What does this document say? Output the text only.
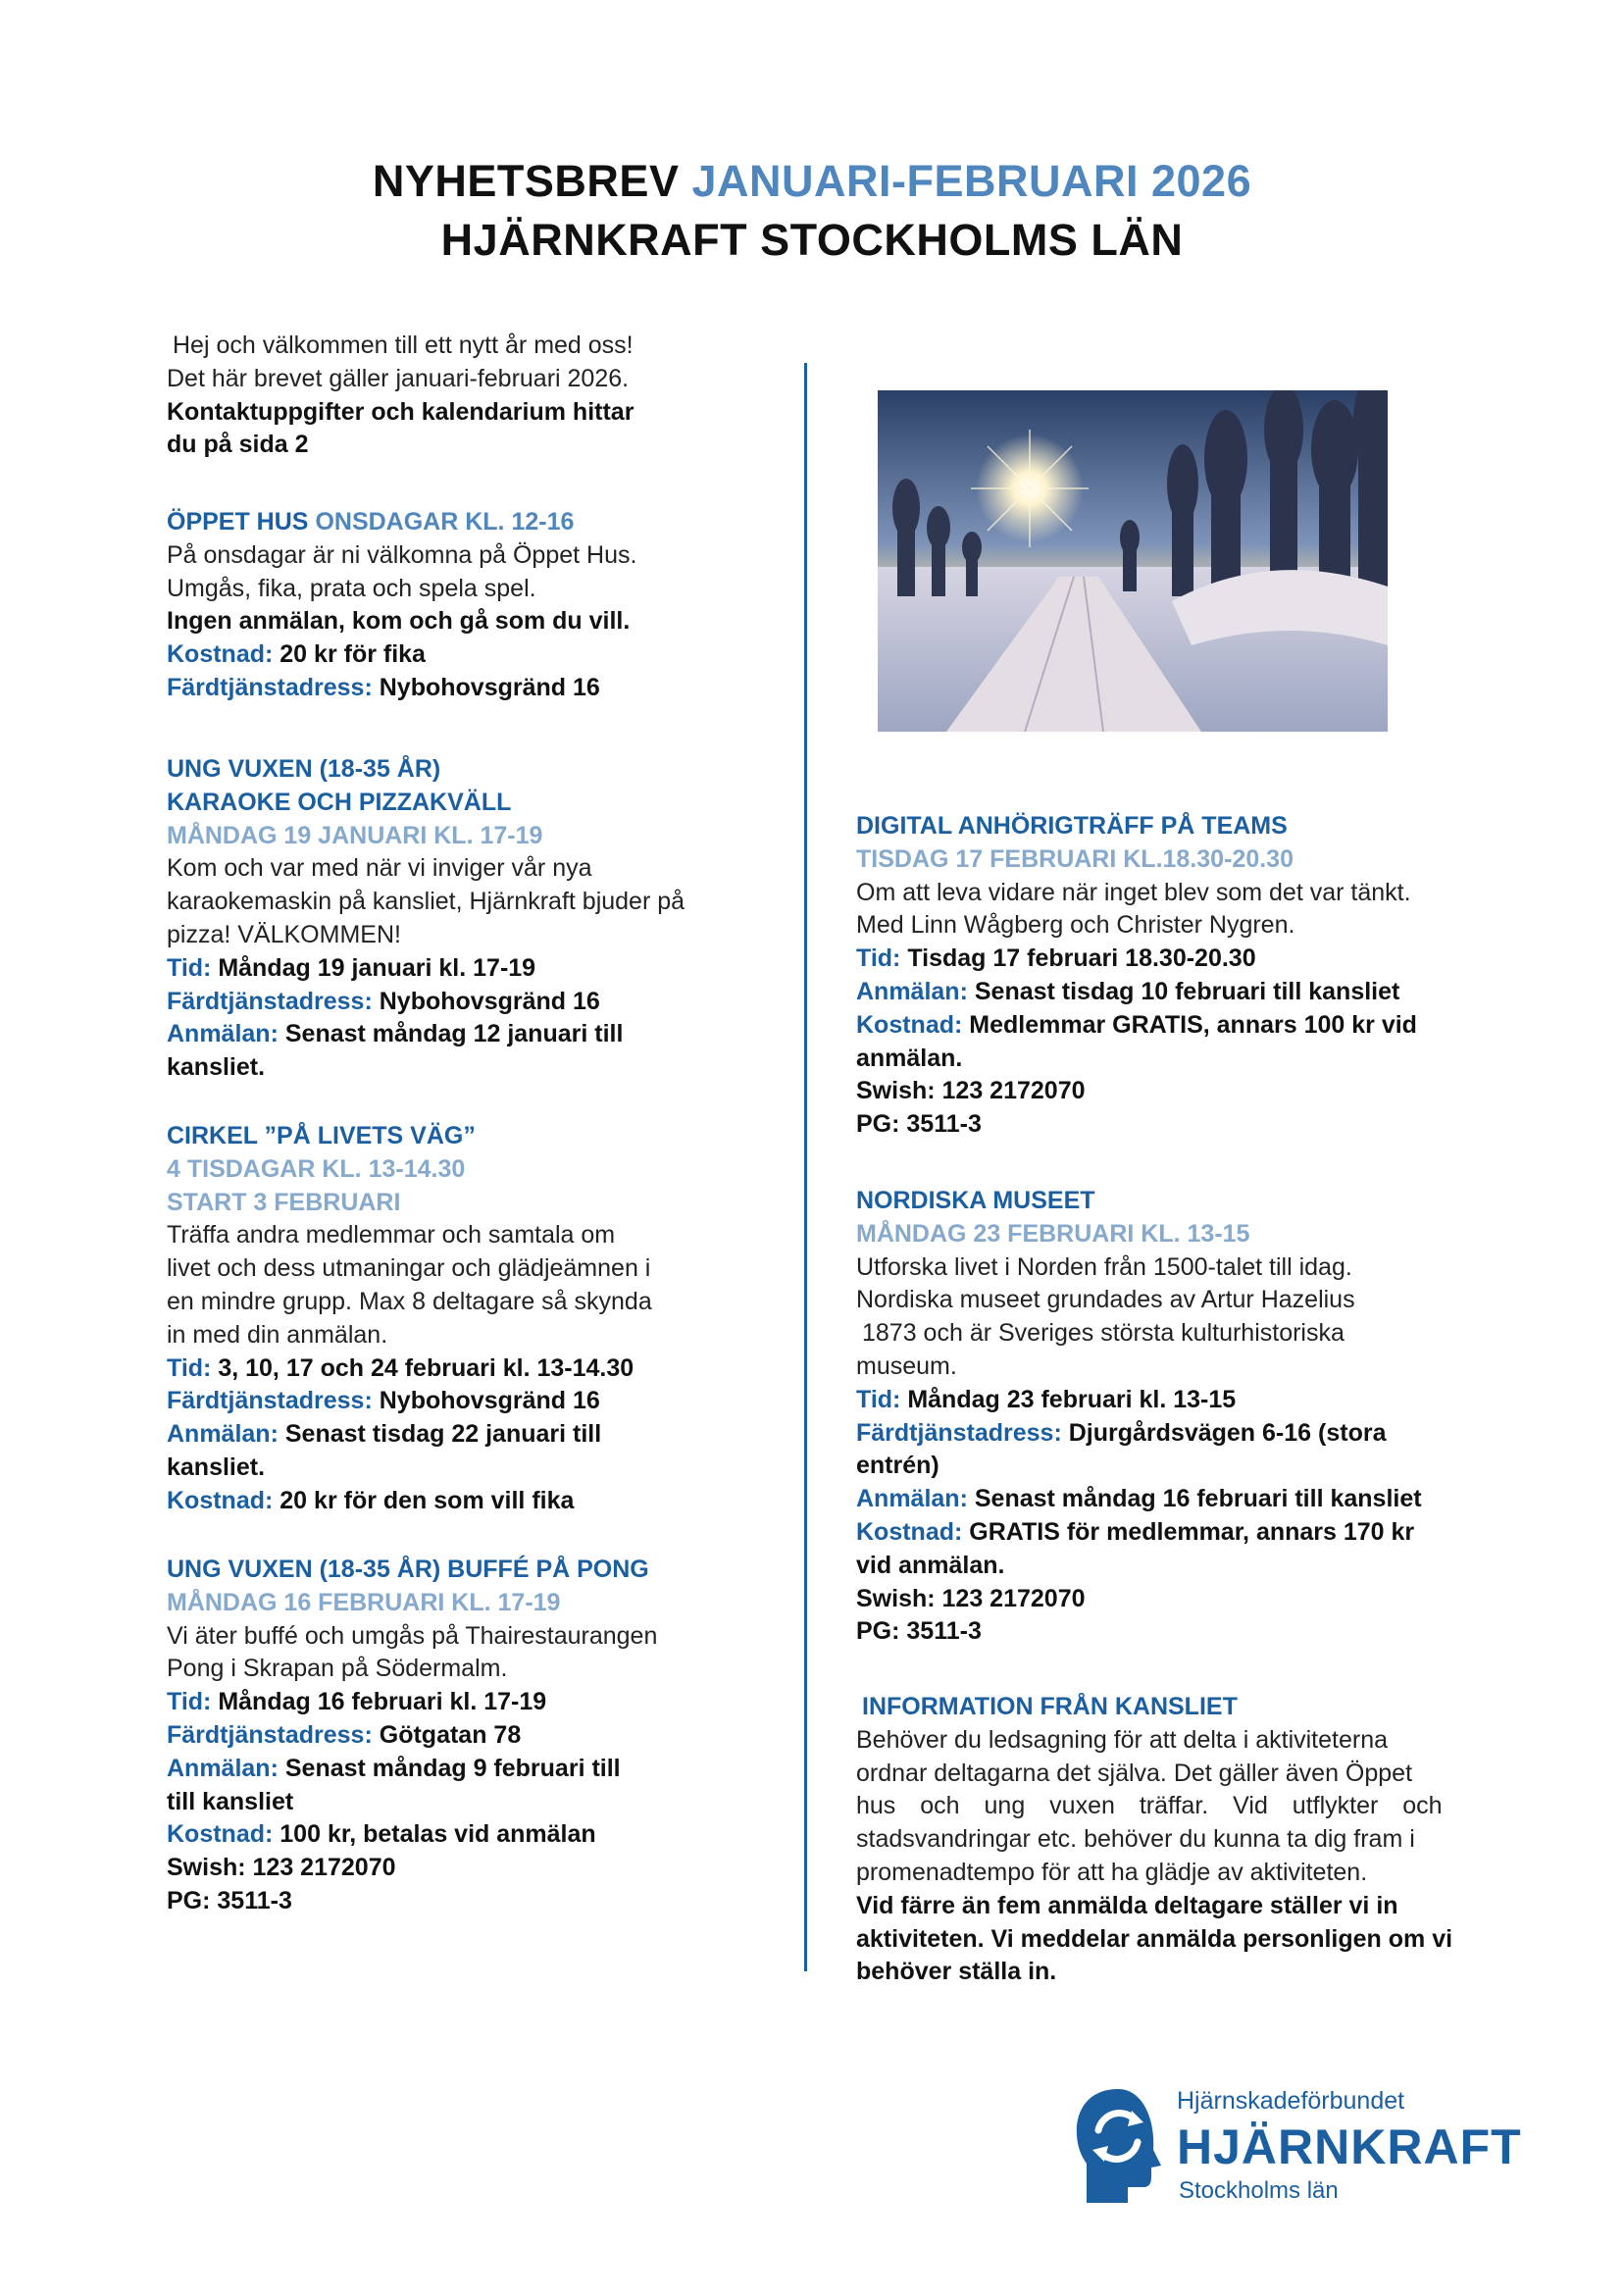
NYHETSBREV JANUARI-FEBRUARI 2026
HJÄRNKRAFT STOCKHOLMS LÄN

Hej och välkommen till ett nytt år med oss!

Det här brevet gäller januari-februari 2026.

Kontaktuppgifter och kalendarium hittar

du på sida 2

ÖPPET HUS ONSDAGAR KL. 12-16

På onsdagar är ni välkomna på Öppet Hus.

Umgås, fika, prata och spela spel.

Ingen anmälan, kom och gå som du vill.

Kostnad: 20 kr för fika

Färdtjänstadress: Nybohovsgränd 16

UNG VUXEN (18-35 ÅR)

KARAOKE OCH PIZZAKVÄLL

MÅNDAG 19 JANUARI KL. 17-19

Kom och var med när vi inviger vår nya

karaokemaskin på kansliet, Hjärnkraft bjuder på

pizza! VÄLKOMMEN!

Tid: Måndag 19 januari kl. 17-19

Färdtjänstadress: Nybohovsgränd 16

Anmälan: Senast måndag 12 januari till

kansliet.

CIRKEL ”PÅ LIVETS VÄG”

4 TISDAGAR KL. 13-14.30

START 3 FEBRUARI

Träffa andra medlemmar och samtala om

livet och dess utmaningar och glädjeämnen i

en mindre grupp. Max 8 deltagare så skynda

in med din anmälan.

Tid: 3, 10, 17 och 24 februari kl. 13-14.30

Färdtjänstadress: Nybohovsgränd 16

Anmälan: Senast tisdag 22 januari till

kansliet.

Kostnad: 20 kr för den som vill fika

UNG VUXEN (18-35 ÅR) BUFFÉ PÅ PONG

MÅNDAG 16 FEBRUARI KL. 17-19

Vi äter buffé och umgås på Thairestaurangen

Pong i Skrapan på Södermalm.

Tid: Måndag 16 februari kl. 17-19

Färdtjänstadress: Götgatan 78

Anmälan: Senast måndag 9 februari till

till kansliet

Kostnad: 100 kr, betalas vid anmälan

Swish: 123 2172070

PG: 3511-3

DIGITAL ANHÖRIGTRÄFF PÅ TEAMS

TISDAG 17 FEBRUARI KL.18.30-20.30

Om att leva vidare när inget blev som det var tänkt.

Med Linn Wågberg och Christer Nygren.

Tid: Tisdag 17 februari 18.30-20.30

Anmälan: Senast tisdag 10 februari till kansliet

Kostnad: Medlemmar GRATIS, annars 100 kr vid

anmälan.

Swish: 123 2172070

PG: 3511-3

NORDISKA MUSEET

MÅNDAG 23 FEBRUARI KL. 13-15

Utforska livet i Norden från 1500-talet till idag.

Nordiska museet grundades av Artur Hazelius

1873 och är Sveriges största kulturhistoriska

museum.

Tid: Måndag 23 februari kl. 13-15

Färdtjänstadress: Djurgårdsvägen 6-16 (stora

entrén)

Anmälan: Senast måndag 16 februari till kansliet

Kostnad: GRATIS för medlemmar, annars 170 kr

vid anmälan.

Swish: 123 2172070

PG: 3511-3

INFORMATION FRÅN KANSLIET

Behöver du ledsagning för att delta i aktiviteterna

ordnar deltagarna det själva. Det gäller även Öppet

hus och ung vuxen träffar. Vid utflykter och

stadsvandringar etc. behöver du kunna ta dig fram i

promenadtempo för att ha glädje av aktiviteten.

Vid färre än fem anmälda deltagare ställer vi in

aktiviteten. Vi meddelar anmälda personligen om vi

behöver ställa in.

Hjärnskadeförbundet
HJÄRNKRAFT
Stockholms län
